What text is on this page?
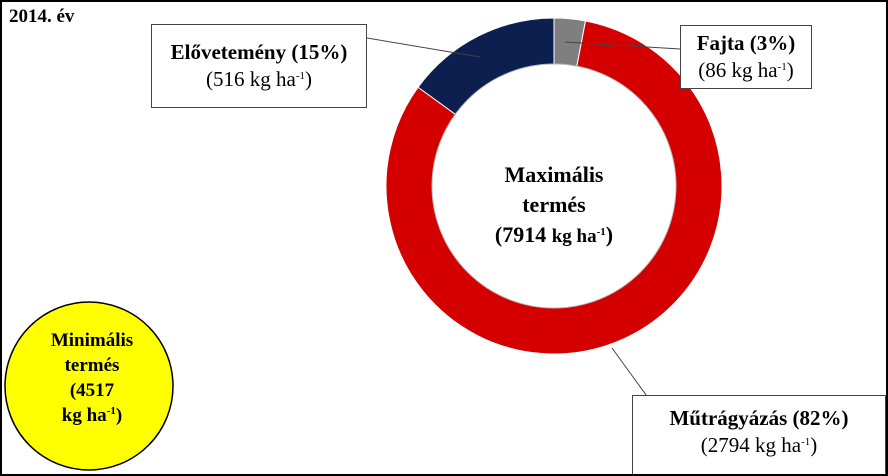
2014. év
Maximális
termés
(7914 kg $ha^{-1}$)
Elővetemény (15%)
(516 kg $ha^{-1}$)
Fajta (3%)
(86 kg $ha^{-1}$)
Műtrágyázás (82%)
(2794 kg $ha^{-1}$)
Minimális
termés
(4517
kg $ha^{-1}$)
